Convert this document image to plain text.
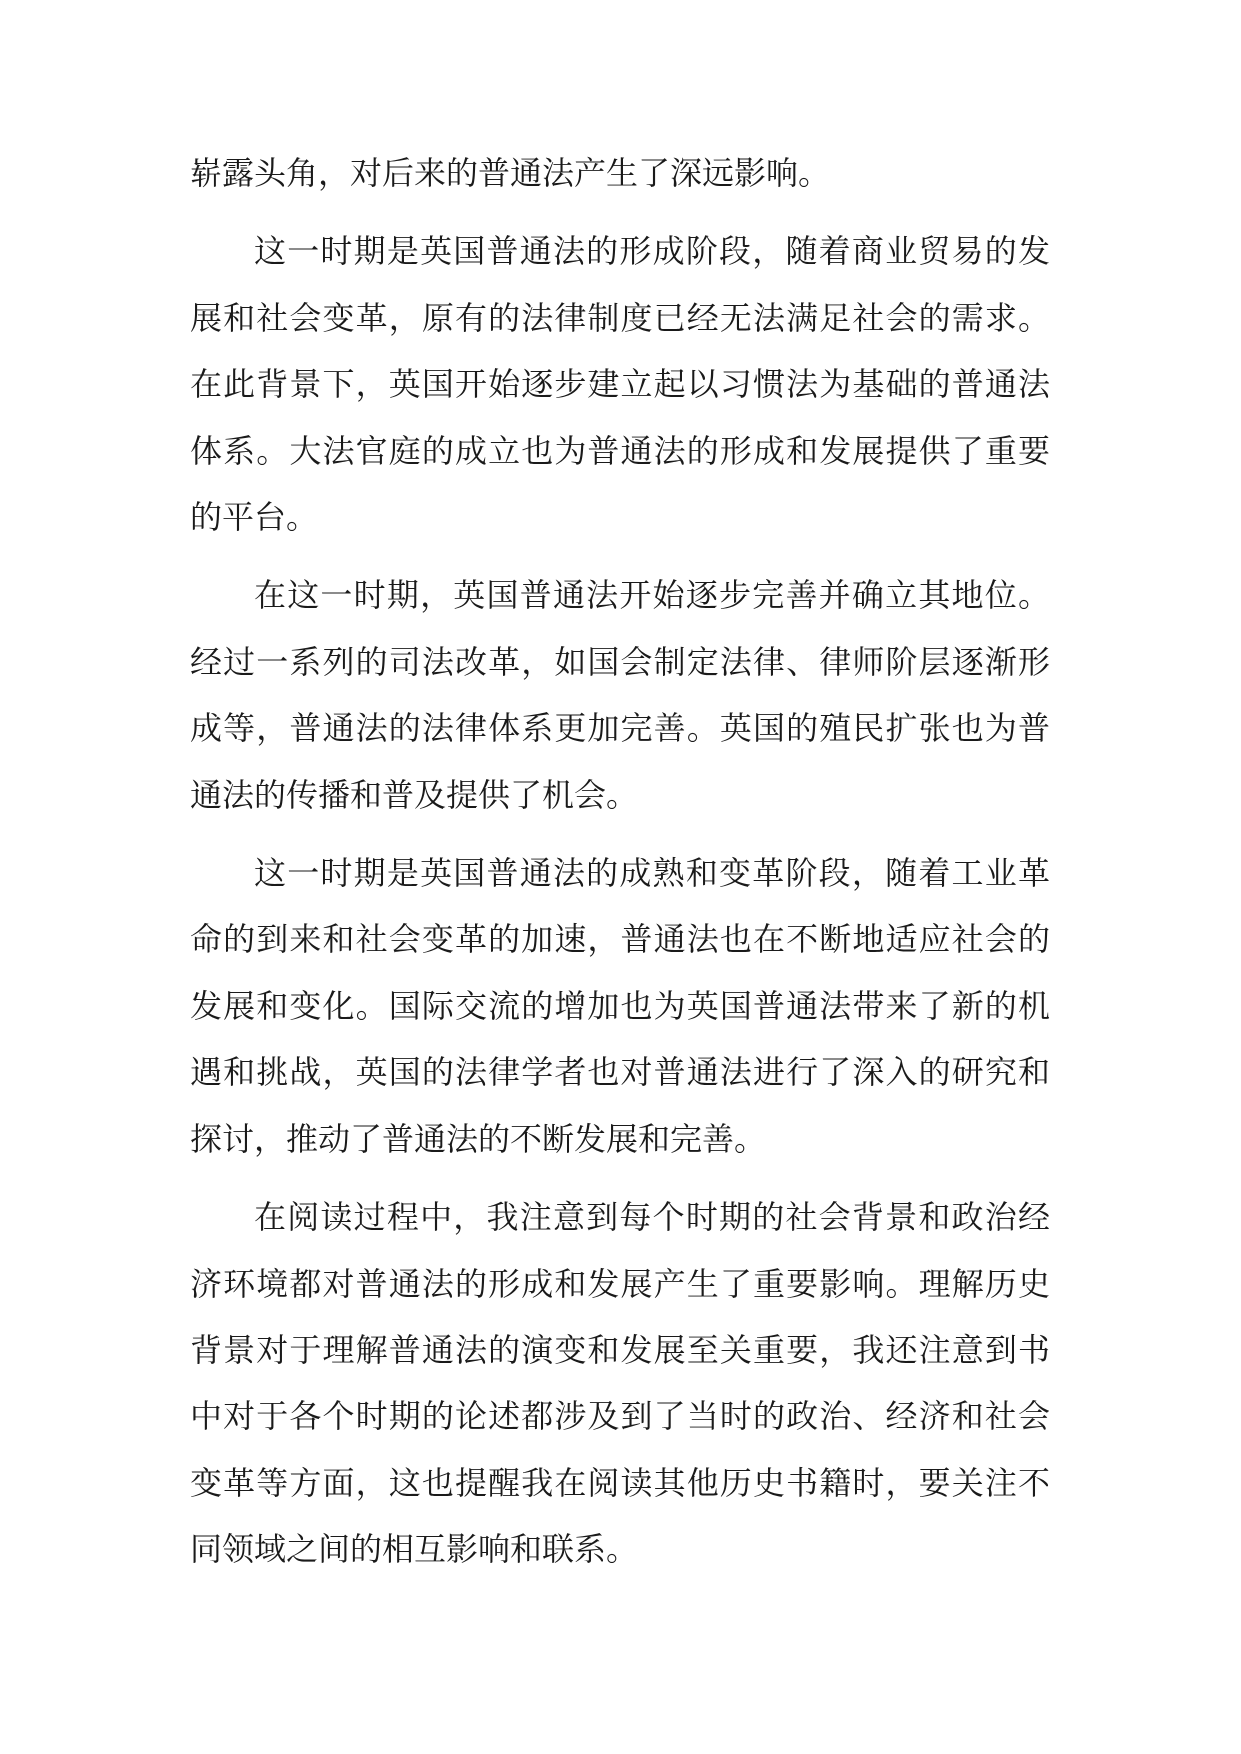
崭露头角，对后来的普通法产生了深远影响。

这一时期是英国普通法的形成阶段，随着商业贸易的发展和社会变革，原有的法律制度已经无法满足社会的需求。在此背景下，英国开始逐步建立起以习惯法为基础的普通法体系。大法官庭的成立也为普通法的形成和发展提供了重要的平台。

在这一时期，英国普通法开始逐步完善并确立其地位。经过一系列的司法改革，如国会制定法律、律师阶层逐渐形成等，普通法的法律体系更加完善。英国的殖民扩张也为普通法的传播和普及提供了机会。

这一时期是英国普通法的成熟和变革阶段，随着工业革命的到来和社会变革的加速，普通法也在不断地适应社会的发展和变化。国际交流的增加也为英国普通法带来了新的机遇和挑战，英国的法律学者也对普通法进行了深入的研究和探讨，推动了普通法的不断发展和完善。

在阅读过程中，我注意到每个时期的社会背景和政治经济环境都对普通法的形成和发展产生了重要影响。理解历史背景对于理解普通法的演变和发展至关重要，我还注意到书中对于各个时期的论述都涉及到了当时的政治、经济和社会变革等方面，这也提醒我在阅读其他历史书籍时，要关注不同领域之间的相互影响和联系。
